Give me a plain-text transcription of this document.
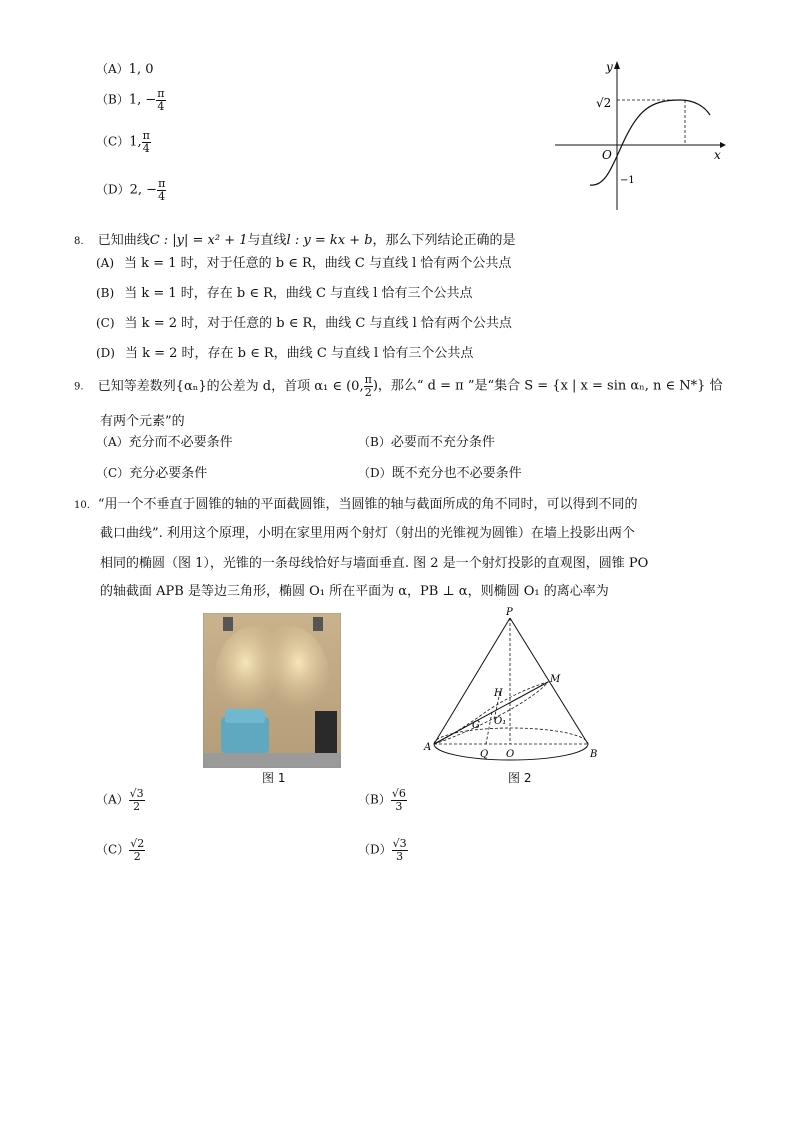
（A）1, 0
（B）1, − $\frac{\pi}{4}$
（C）1, $\frac{\pi}{4}$
（D）2, − $\frac{\pi}{4}$
y
x
O
√2
−1
8. 已知曲线C : |y| = x² + 1与直线l : y = kx + b，那么下列结论正确的是
(A) 当 k = 1 时，对于任意的 b ∈ R，曲线 C 与直线 l 恰有两个公共点
(B) 当 k = 1 时，存在 b ∈ R，曲线 C 与直线 l 恰有三个公共点
(C) 当 k = 2 时，对于任意的 b ∈ R，曲线 C 与直线 l 恰有两个公共点
(D) 当 k = 2 时，存在 b ∈ R，曲线 C 与直线 l 恰有三个公共点
9. 已知等差数列{αₙ}的公差为 d，首项 α₁ ∈ (0, $\frac{\pi}{2}$ )，那么“ d = π ”是“集合 S = {x | x = sin αₙ, n ∈ N*} 恰
有两个元素”的
（A）充分而不必要条件	（B）必要而不充分条件
（C）充分必要条件	（D）既不充分也不必要条件
10. “用一个不垂直于圆锥的轴的平面截圆锥，当圆锥的轴与截面所成的角不同时，可以得到不同的
截口曲线”. 利用这个原理，小明在家里用两个射灯（射出的光锥视为圆锥）在墙上投影出两个
相同的椭圆（图 1），光锥的一条母线恰好与墙面垂直. 图 2 是一个射灯投影的直观图，圆锥 PO
的轴截面 APB 是等边三角形，椭圆 O₁ 所在平面为 α，PB ⊥ α，则椭圆 O₁ 的离心率为
图 1
P
M
H
O₁
G
A
Q O	B
图 2
$(A) \frac{√3}{2}$	$(B) \frac{√6}{3}$
$(C) \frac{√2}{2}$	$(D) \frac{√3}{3}$
